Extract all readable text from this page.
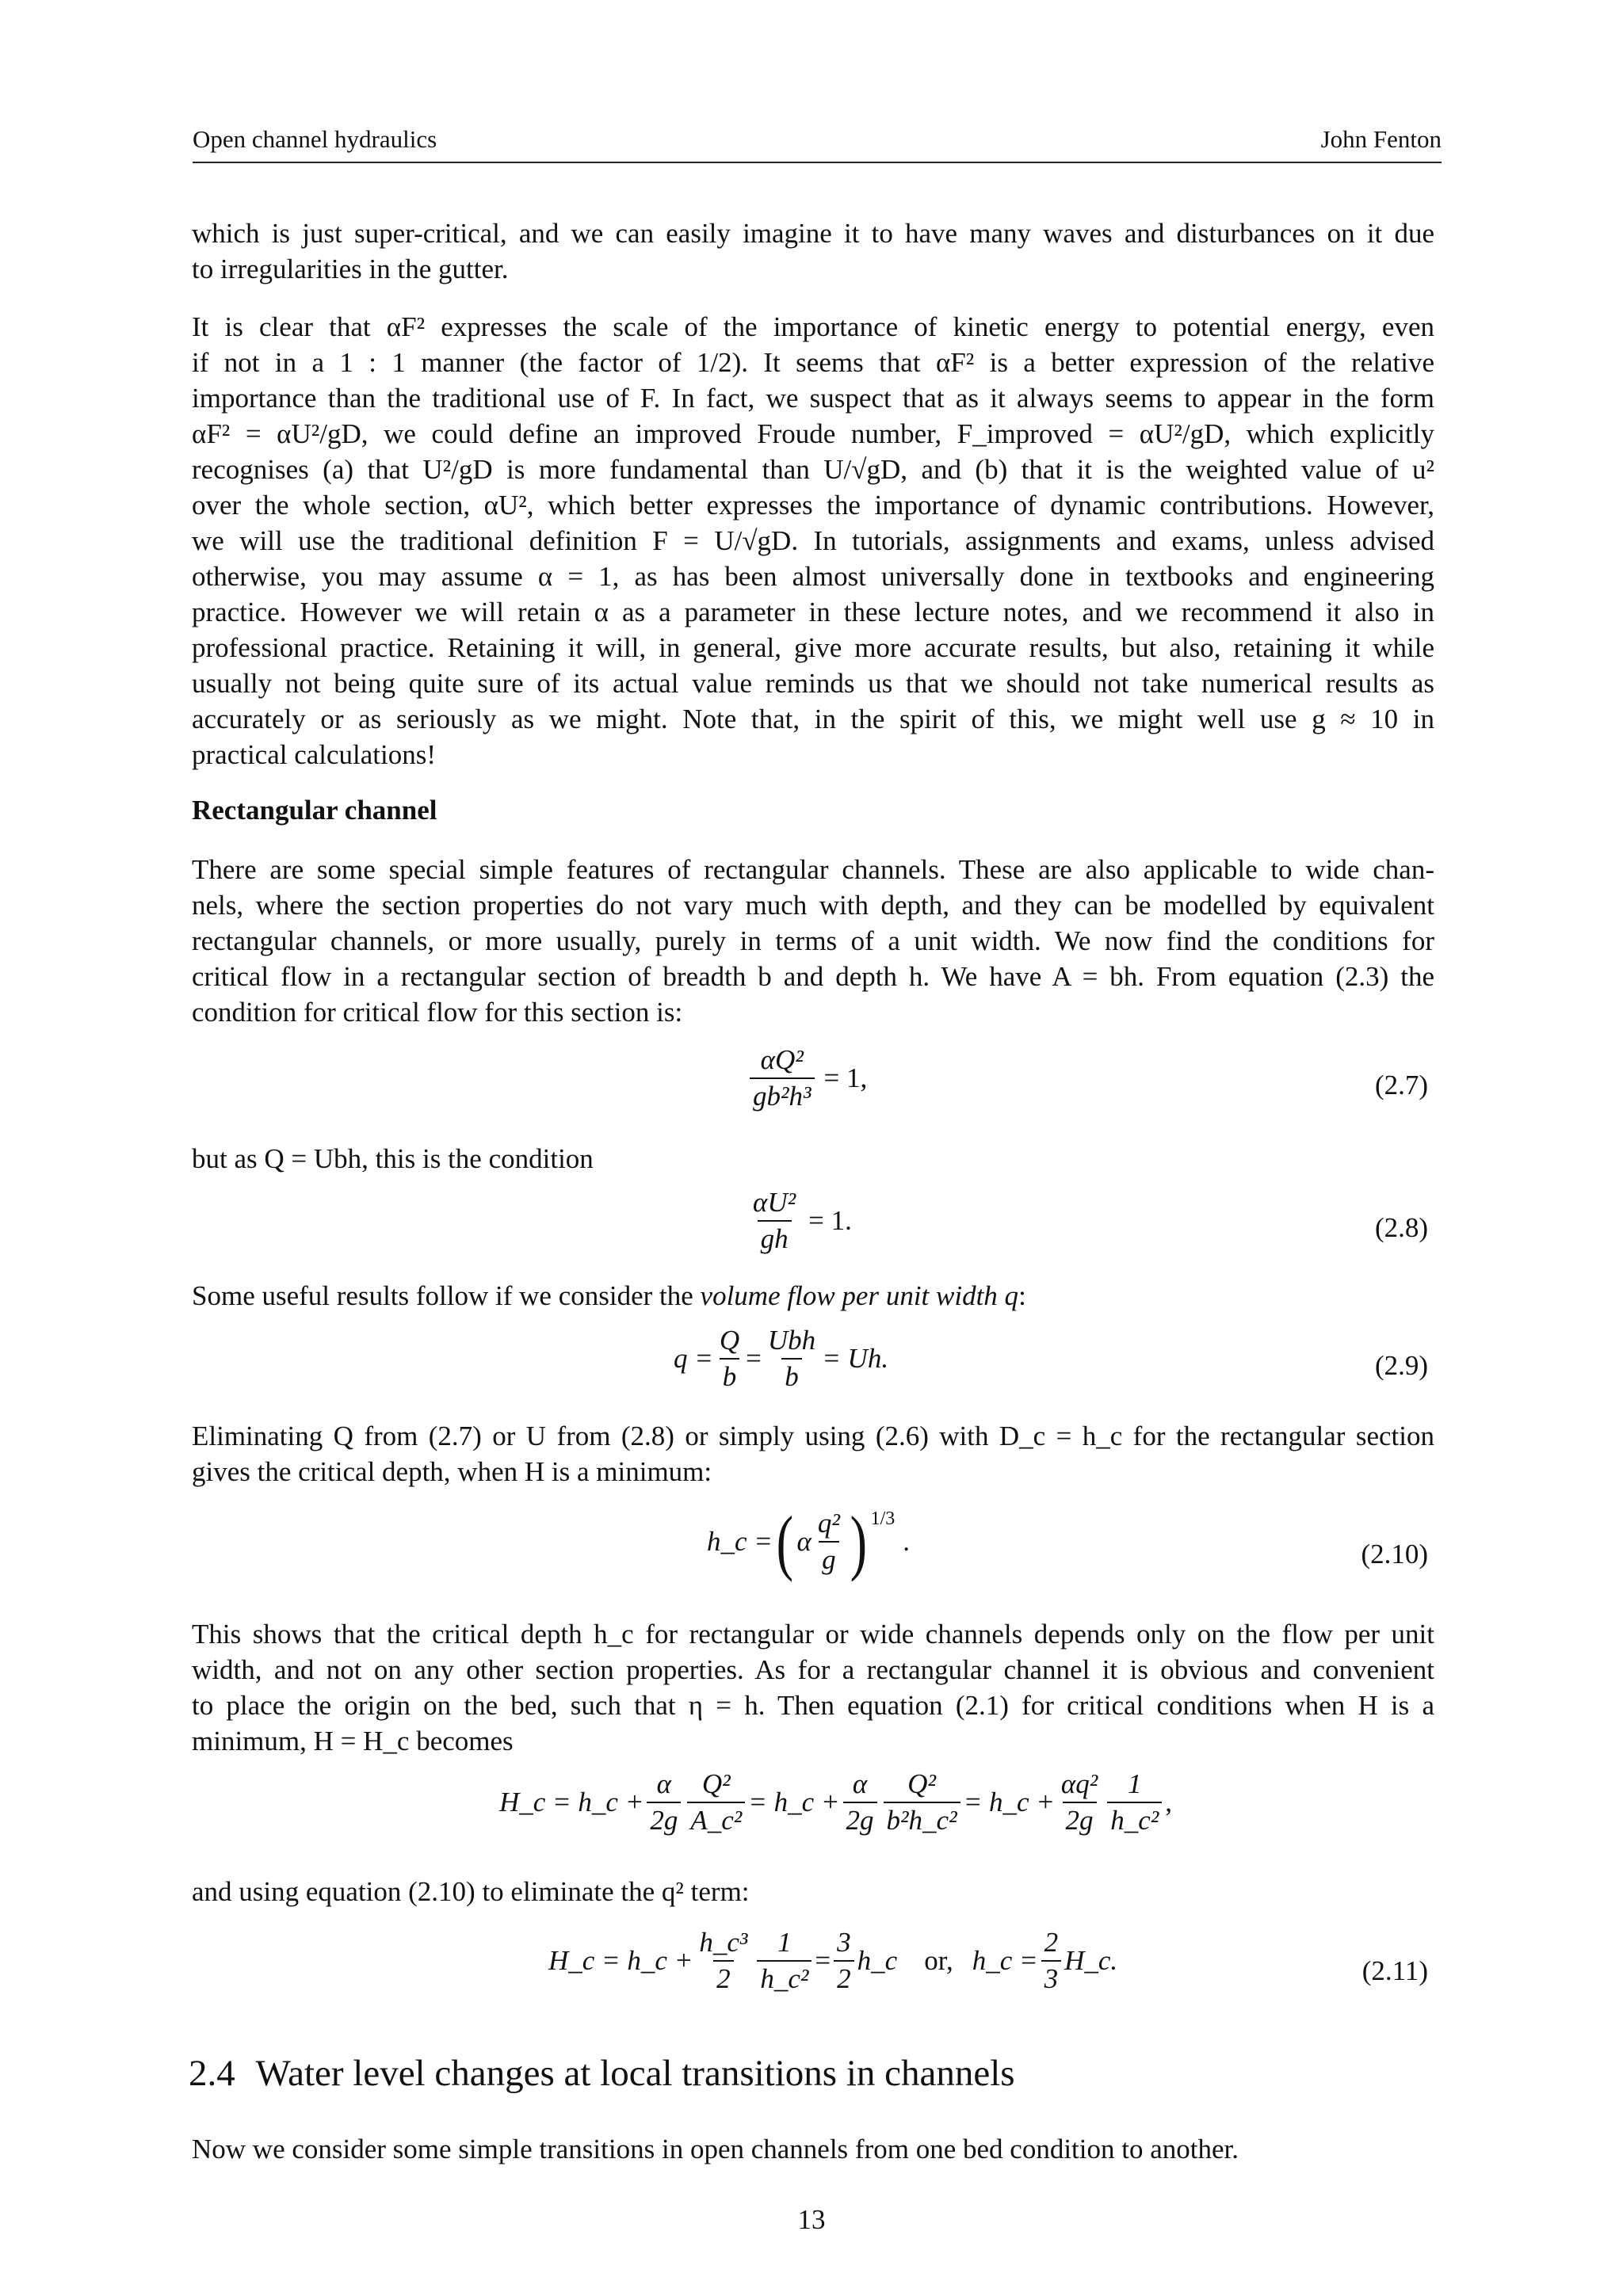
Open channel hydraulics	John Fenton
which is just super-critical, and we can easily imagine it to have many waves and disturbances on it due
to irregularities in the gutter.
It is clear that αF² expresses the scale of the importance of kinetic energy to potential energy, even
if not in a 1 : 1 manner (the factor of 1/2). It seems that αF² is a better expression of the relative
importance than the traditional use of F. In fact, we suspect that as it always seems to appear in the form
αF² = αU²/gD, we could define an improved Froude number, F_improved = αU²/gD, which explicitly
recognises (a) that U²/gD is more fundamental than U/√gD, and (b) that it is the weighted value of u²
over the whole section, αU², which better expresses the importance of dynamic contributions. However,
we will use the traditional definition F = U/√gD. In tutorials, assignments and exams, unless advised
otherwise, you may assume α = 1, as has been almost universally done in textbooks and engineering
practice. However we will retain α as a parameter in these lecture notes, and we recommend it also in
professional practice. Retaining it will, in general, give more accurate results, but also, retaining it while
usually not being quite sure of its actual value reminds us that we should not take numerical results as
accurately or as seriously as we might. Note that, in the spirit of this, we might well use g ≈ 10 in
practical calculations!
Rectangular channel
There are some special simple features of rectangular channels. These are also applicable to wide chan-
nels, where the section properties do not vary much with depth, and they can be modelled by equivalent
rectangular channels, or more usually, purely in terms of a unit width. We now find the conditions for
critical flow in a rectangular section of breadth b and depth h. We have A = bh. From equation (2.3) the
condition for critical flow for this section is:
$\frac{\text{αQ²}}{\text{gb²h³}} = 1$,	(2.7)
but as Q = Ubh, this is the condition
$\frac{\text{αU²}}{gh} = 1$.	(2.8)
Some useful results follow if we consider the volume flow per unit width q:
$q = \frac{Q}{b} = \frac{\text{Ubh}}{b} = Uh$.	(2.9)
Eliminating Q from (2.7) or U from (2.8) or simply using (2.6) with D_c = h_c for the rectangular section
gives the critical depth, when H is a minimum:
h_c = ( α $\frac{\text{q²}}{g}$ ) 1/3
.	(2.10)
This shows that the critical depth h_c for rectangular or wide channels depends only on the flow per unit
width, and not on any other section properties. As for a rectangular channel it is obvious and convenient
to place the origin on the bed, such that η = h. Then equation (2.1) for critical conditions when H is a
minimum, H = H_c becomes
H_c = h_c + $\frac{\alpha}{2g} \frac{\text{Q²}}{\text{A\_c²}}$ = h_c + $\frac{\alpha}{2g} \frac{\text{Q²}}{\text{b²h\_c²}}$ = h_c + $\frac{\text{αq²}}{2g} \frac{1}{\text{h\_c²}}$ ,
and using equation (2.10) to eliminate the q² term:
H_c = h_c + $\frac{\text{h\_c³}}{2} \frac{1}{\text{h\_c²}} = \frac{3}{2}$ h_c or, h_c = $\frac{2}{3}$ H_c.	(2.11)
2.4 Water level changes at local transitions in channels
Now we consider some simple transitions in open channels from one bed condition to another.
13
